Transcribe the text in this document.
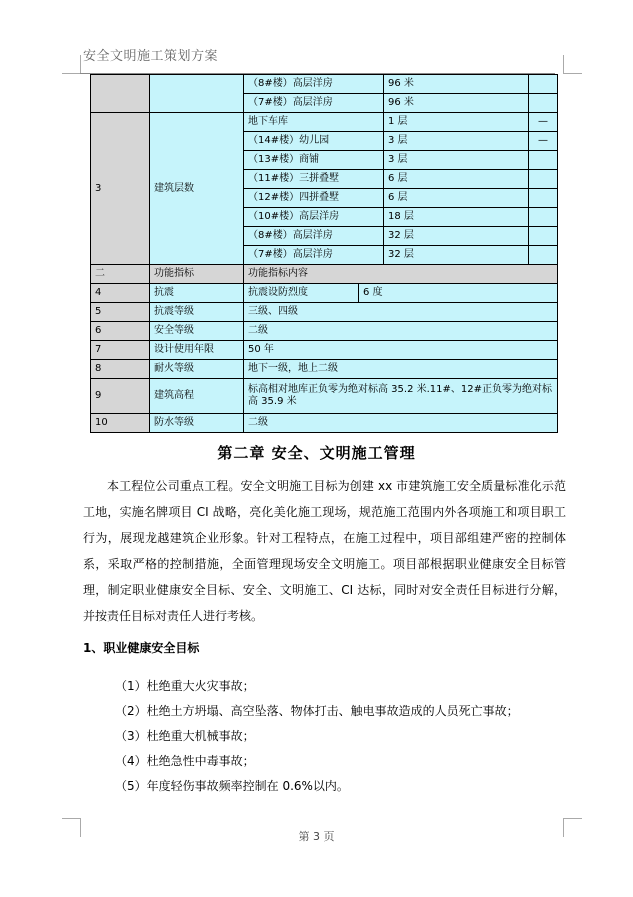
安全文明施工策划方案
		（8#楼）高层洋房		96 米	
		（7#楼）高层洋房		96 米	
3	建筑层数	地下车库		1 层	—
		（14#楼）幼儿园		3 层	—
		（13#楼）商铺		3 层	
		（11#楼）三拼叠墅		6 层	
		（12#楼）四拼叠墅		6 层	
		（10#楼）高层洋房		18 层	
		（8#楼）高层洋房		32 层	
		（7#楼）高层洋房		32 层	
二	功能指标	功能指标内容			
4	抗震	抗震设防烈度	6 度		
5	抗震等级	三级、四级			
6	安全等级	二级			
7	设计使用年限	50 年			
8	耐火等级	地下一级，地上二级			
9	建筑高程	标高相对地库正负零为绝对标高 35.2 米.11#、12#正负零为绝对标高 35.9 米			
10	防水等级	二级			
第二章 安全、文明施工管理

本工程位公司重点工程。安全文明施工目标为创建 xx 市建筑施工安全质量标准化示范工地，实施名牌项目 CI 战略，亮化美化施工现场，规范施工范围内外各项施工和项目职工行为，展现龙越建筑企业形象。针对工程特点，在施工过程中，项目部组建严密的控制体系，采取严格的控制措施，全面管理现场安全文明施工。项目部根据职业健康安全目标管理，制定职业健康安全目标、安全、文明施工、CI 达标，同时对安全责任目标进行分解，并按责任目标对责任人进行考核。

1、职业健康安全目标
（1）杜绝重大火灾事故；
（2）杜绝土方坍塌、高空坠落、物体打击、触电事故造成的人员死亡事故；
（3）杜绝重大机械事故；
（4）杜绝急性中毒事故；
（5）年度轻伤事故频率控制在 0.6%以内。
第 3 页
